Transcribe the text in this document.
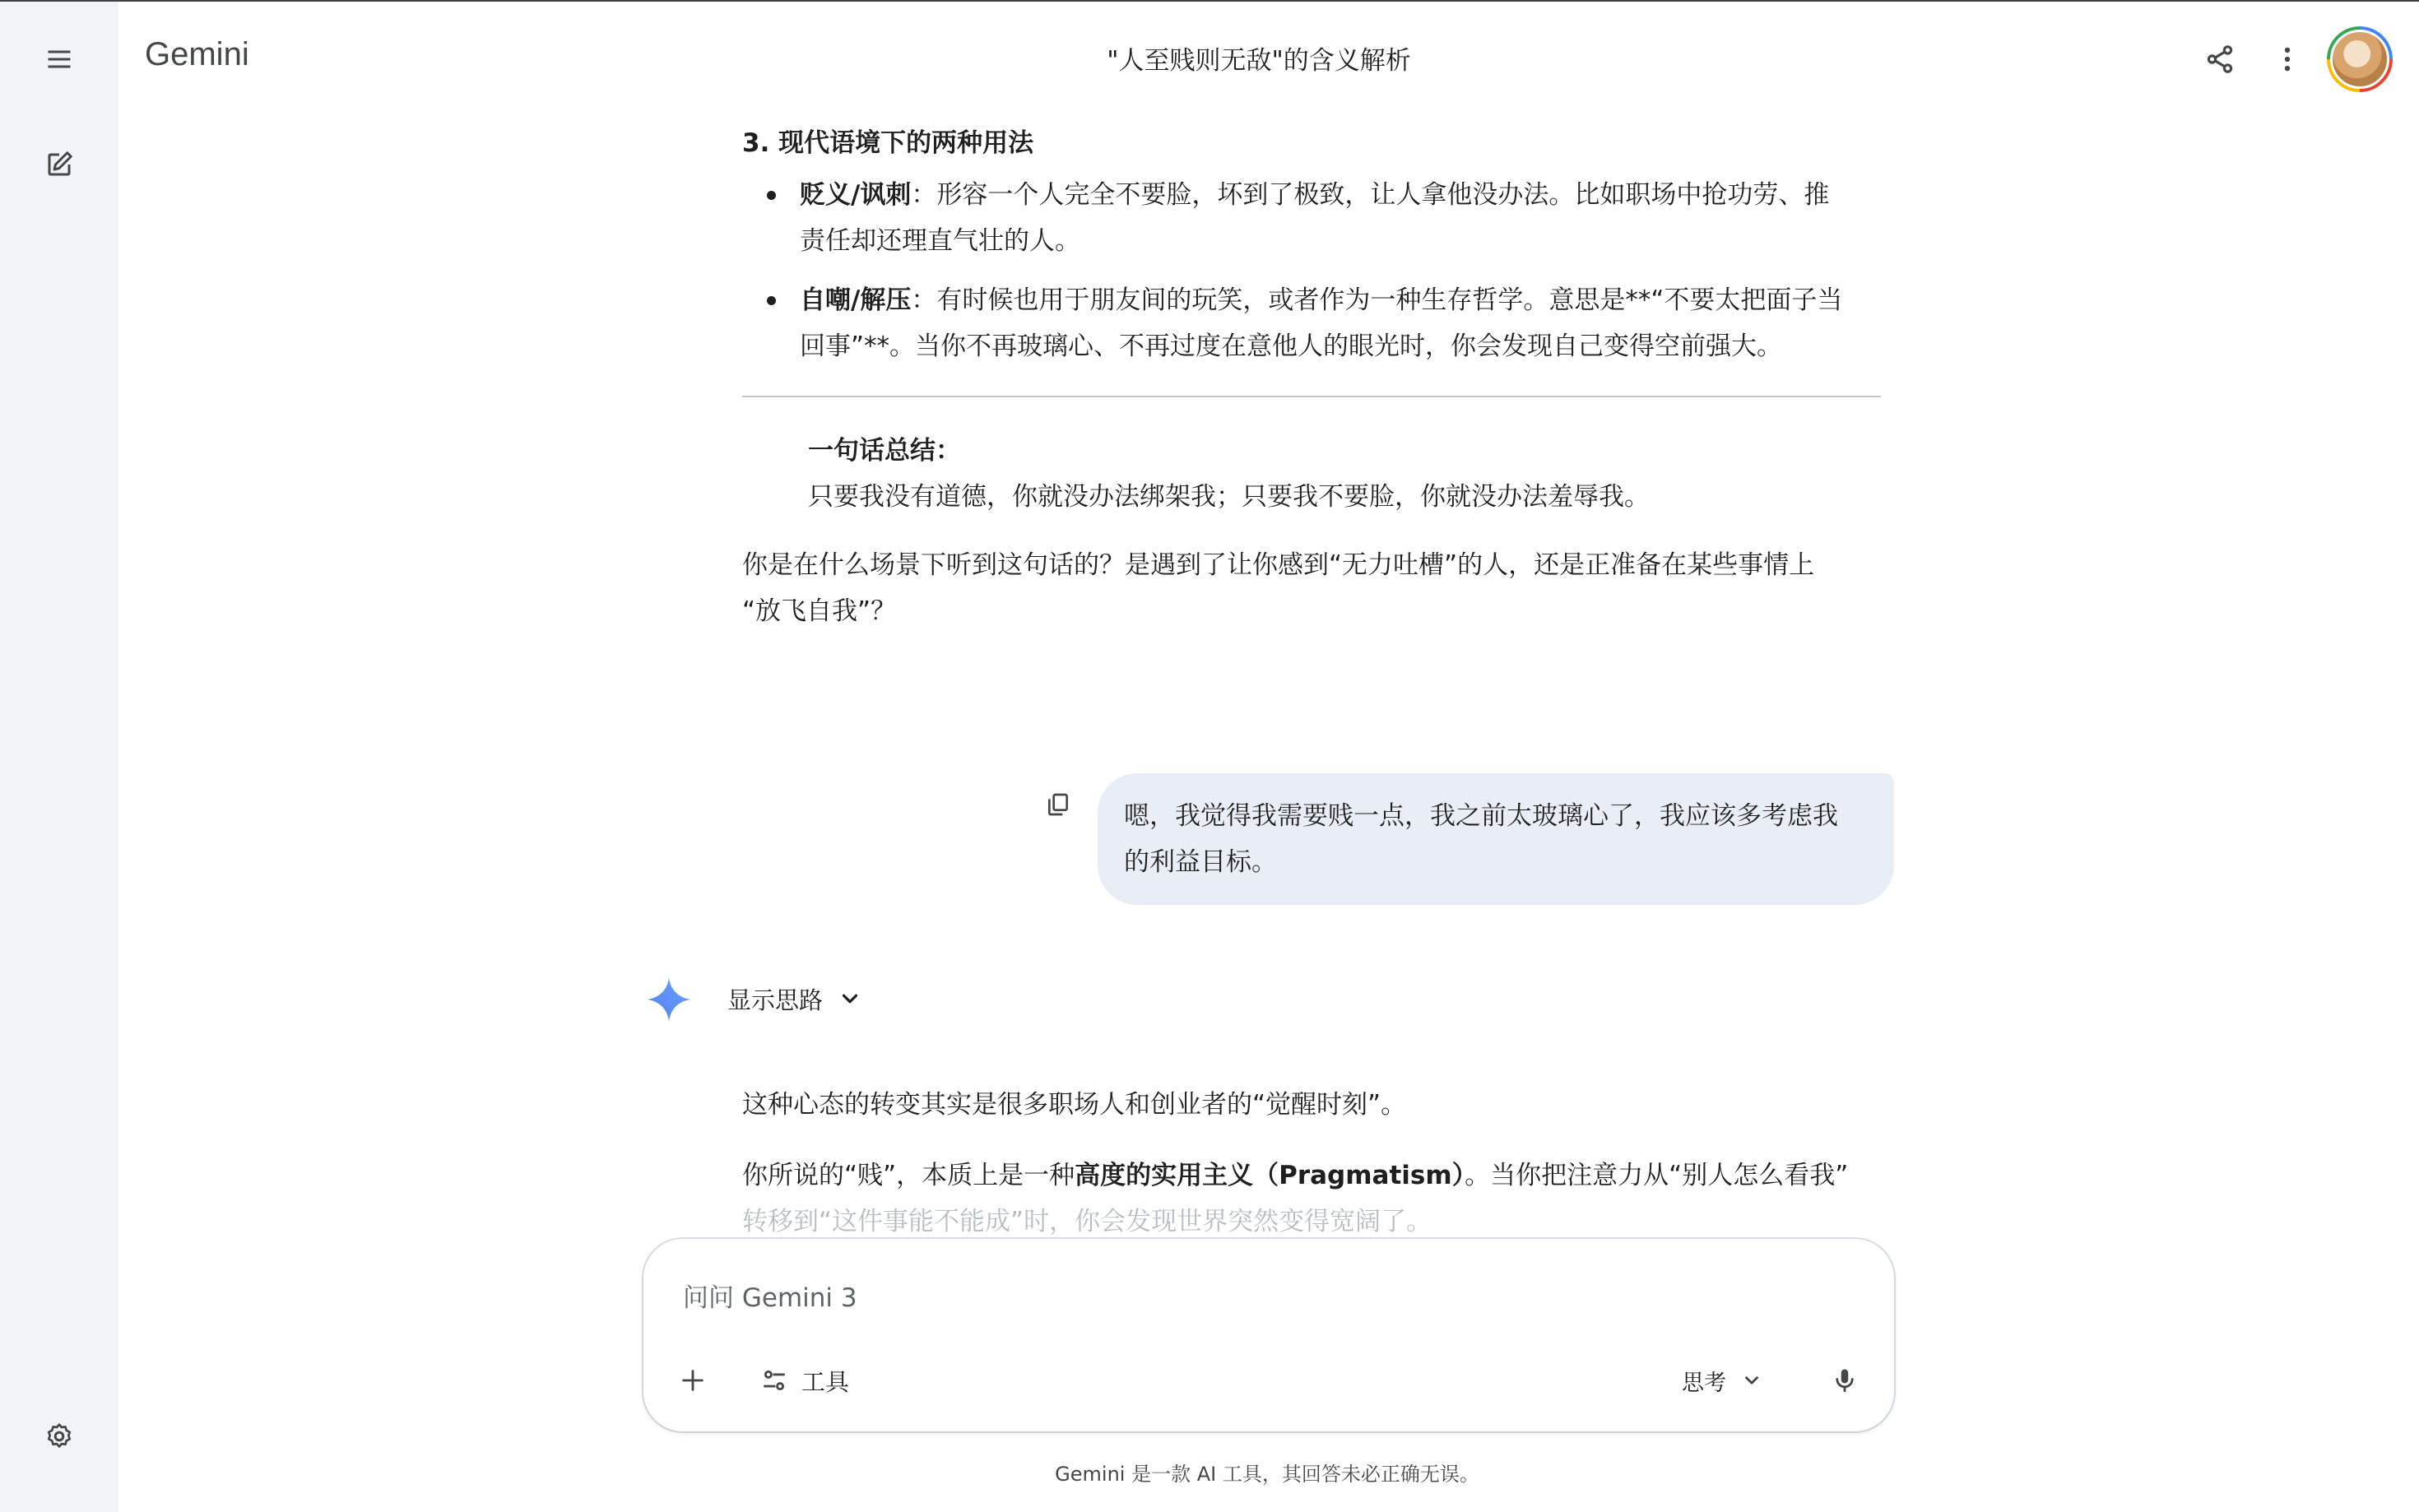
Gemini	"人至贱则无敌"的含义解析
3. 现代语境下的两种用法
贬义/讽刺：形容一个人完全不要脸，坏到了极致，让人拿他没办法。比如职场中抢功劳、推
责任却还理直气壮的人。
自嘲/解压：有时候也用于朋友间的玩笑，或者作为一种生存哲学。意思是**“不要太把面子当
回事”**。当你不再玻璃心、不再过度在意他人的眼光时，你会发现自己变得空前强大。
一句话总结：
只要我没有道德，你就没办法绑架我；只要我不要脸，你就没办法羞辱我。
你是在什么场景下听到这句话的？是遇到了让你感到“无力吐槽”的人，还是正准备在某些事情上
“放飞自我”？
嗯，我觉得我需要贱一点，我之前太玻璃心了，我应该多考虑我
的利益目标。
显示思路
这种心态的转变其实是很多职场人和创业者的“觉醒时刻”。
你所说的“贱”，本质上是一种高度的实用主义（Pragmatism）。当你把注意力从“别人怎么看我”
转移到“这件事能不能成”时，你会发现世界突然变得宽阔了。
问问 Gemini 3
工具	思考
Gemini 是一款 AI 工具，其回答未必正确无误。
